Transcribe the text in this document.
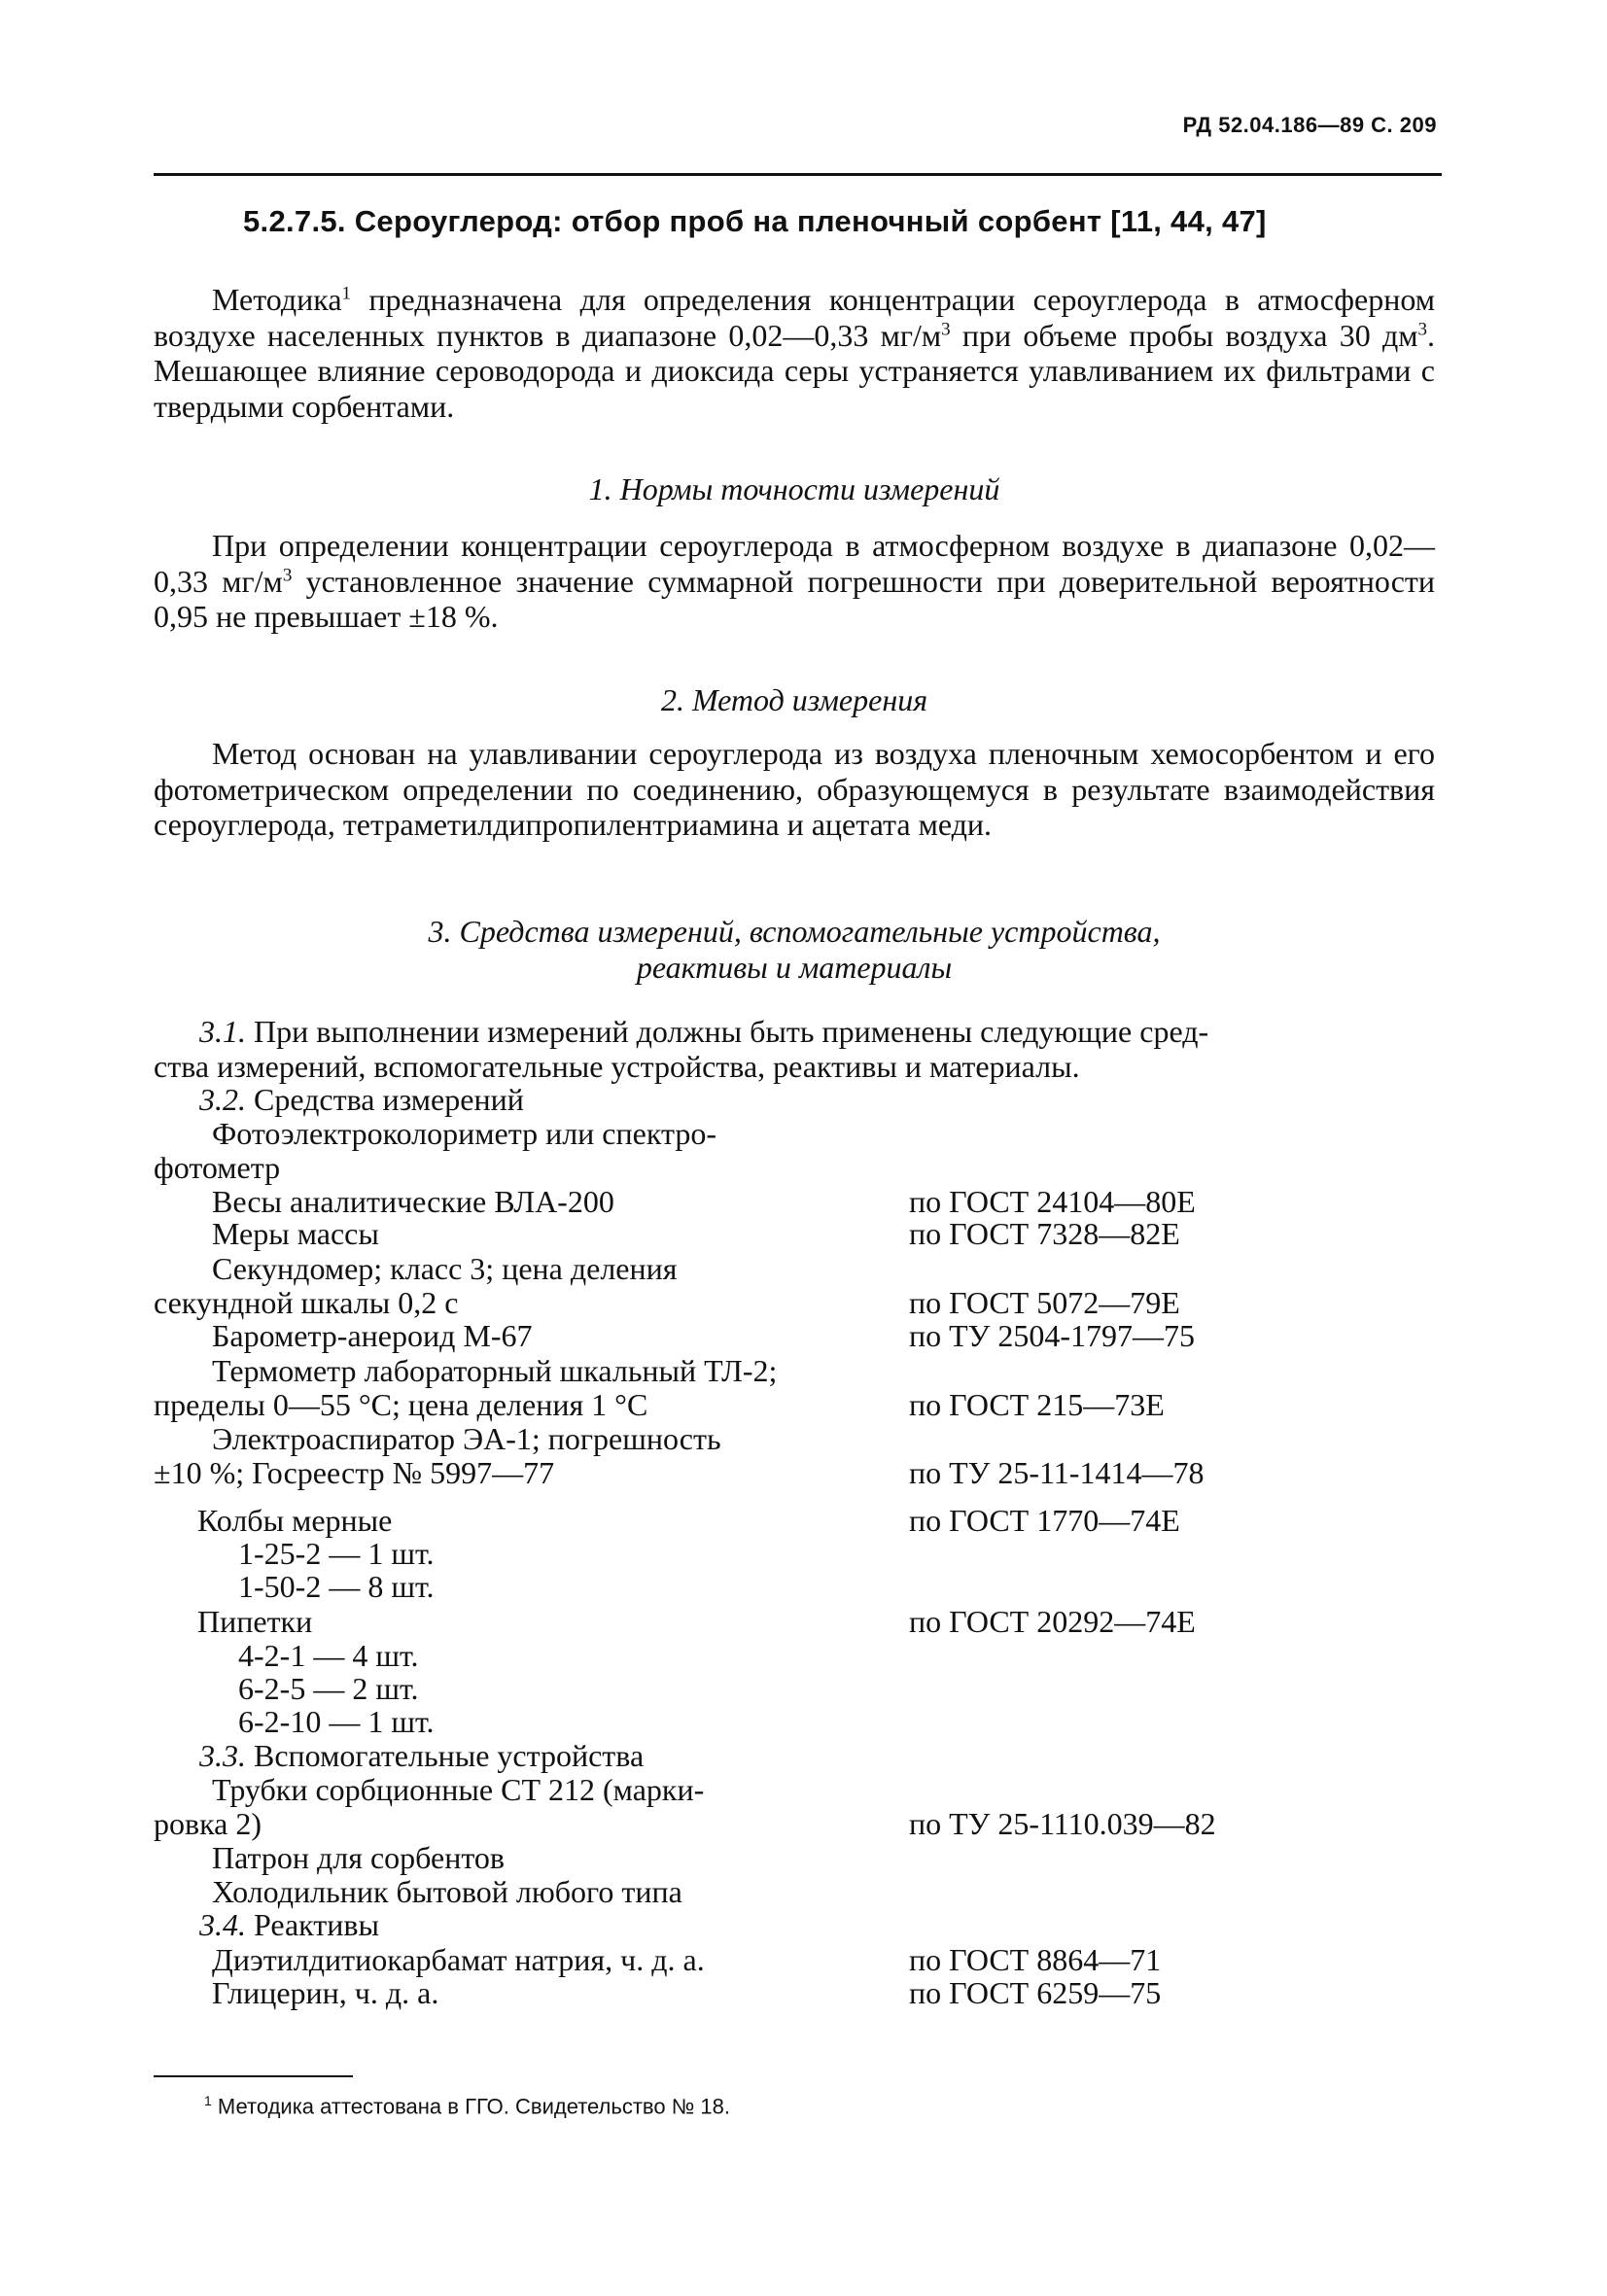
РД 52.04.186—89 С. 209
5.2.7.5. Сероуглерод: отбор проб на пленочный сорбент [11, 44, 47]

Методика$^1$ предназначена для определения концентрации сероуглерода в атмосферном воздухе населенных пунктов в диапазоне 0,02—0,33 $мг/м^3$ при объеме пробы воздуха 30 $дм^3$. Мешающее влияние сероводорода и диоксида серы устраняется улавливанием их фильтрами с твердыми сорбентами.

1. Нормы точности измерений

При определении концентрации сероуглерода в атмосферном воздухе в диапазоне 0,02—0,33 $мг/м^3$ установленное значение суммарной погрешности при доверительной вероятности 0,95 не превышает ±18 %.

2. Метод измерения

Метод основан на улавливании сероуглерода из воздуха пленочным хемосорбентом и его фотометрическом определении по соединению, образующемуся в результате взаимодействия сероуглерода, тетраметилдипропилентриамина и ацетата меди.

3. Средства измерений, вспомогательные устройства,
реактивы и материалы
3.1. При выполнении измерений должны быть применены следующие сред-
ства измерений, вспомогательные устройства, реактивы и материалы.
3.2. Средства измерений
Фотоэлектроколориметр или спектро-
фотометр
Весы аналитические ВЛА-200	по ГОСТ 24104—80Е
Меры массы	по ГОСТ 7328—82Е
Секундомер; класс 3; цена деления
секундной шкалы 0,2 с	по ГОСТ 5072—79Е
Барометр-анероид М-67	по ТУ 2504-1797—75
Термометр лабораторный шкальный ТЛ-2;
пределы 0—55 °С; цена деления 1 °С	по ГОСТ 215—73Е
Электроаспиратор ЭА-1; погрешность
±10 %; Госреестр № 5997—77	по ТУ 25-11-1414—78
Колбы мерные	по ГОСТ 1770—74Е
1-25-2 — 1 шт.
1-50-2 — 8 шт.
Пипетки	по ГОСТ 20292—74Е
4-2-1 — 4 шт.
6-2-5 — 2 шт.
6-2-10 — 1 шт.
3.3. Вспомогательные устройства
Трубки сорбционные СТ 212 (марки-
ровка 2)	по ТУ 25-1110.039—82
Патрон для сорбентов
Холодильник бытовой любого типа
3.4. Реактивы
Диэтилдитиокарбамат натрия, ч. д. а.	по ГОСТ 8864—71
Глицерин, ч. д. а.	по ГОСТ 6259—75
$^1$ Методика аттестована в ГГО. Свидетельство № 18.
